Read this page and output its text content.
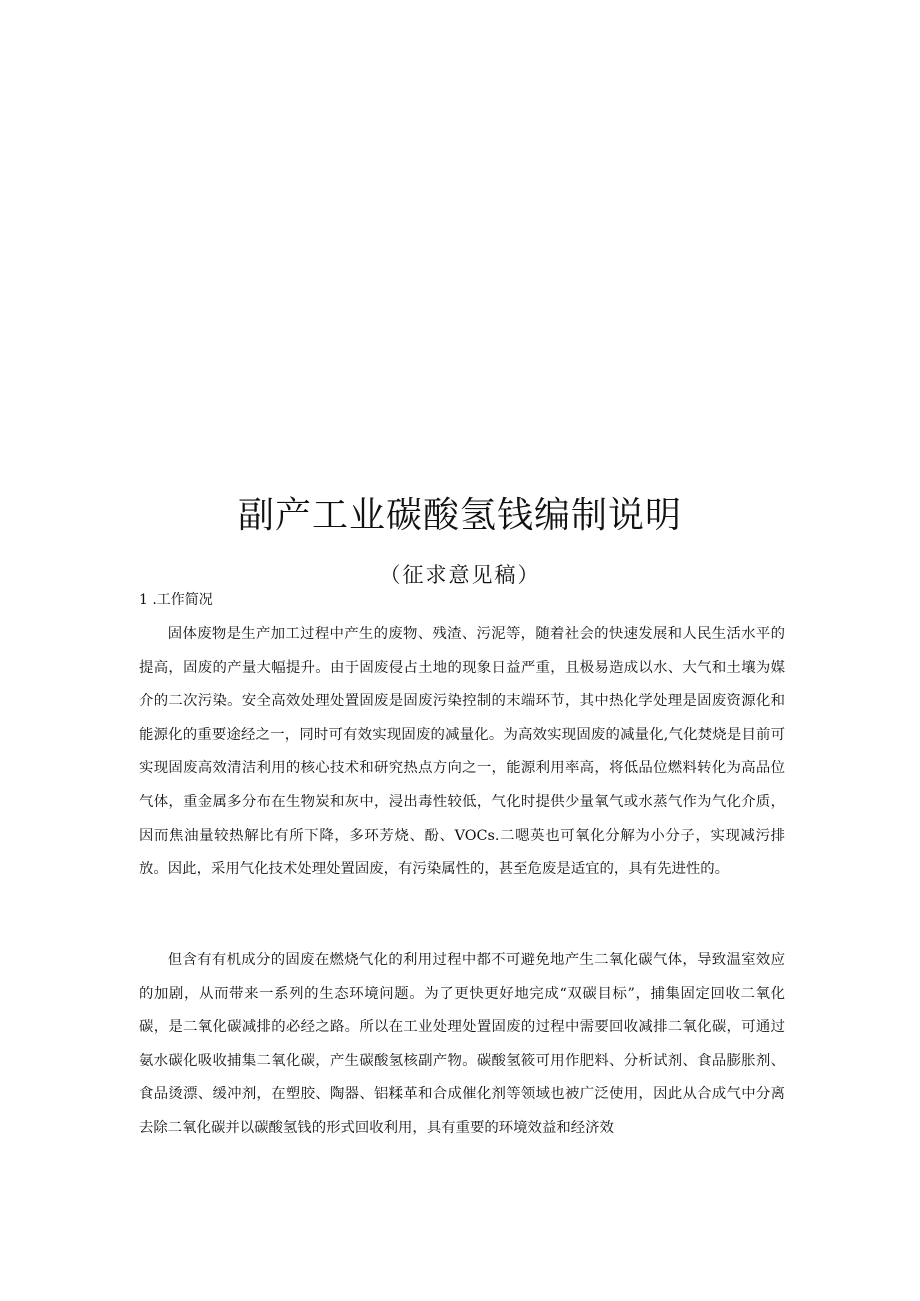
副产工业碳酸氢钱编制说明
（征求意见稿）
1 .工作简况

固体废物是生产加工过程中产生的废物、残渣、污泥等，随着社会的快速发展和人民生活水平的提高，固废的产量大幅提升。由于固废侵占土地的现象日益严重，且极易造成以水、大气和土壤为媒介的二次污染。安全高效处理处置固废是固废污染控制的末端环节，其中热化学处理是固废资源化和能源化的重要途经之一，同时可有效实现固废的减量化。为高效实现固废的减量化,气化焚烧是目前可实现固废高效清洁利用的核心技术和研究热点方向之一，能源利用率高，将低品位燃料转化为高品位气体，重金属多分布在生物炭和灰中，浸出毒性较低，气化时提供少量氧气或水蒸气作为气化介质，因而焦油量较热解比有所下降，多环芳烧、酚、VOCs.二嗯英也可氧化分解为小分子，实现减污排放。因此，采用气化技术处理处置固废，有污染属性的，甚至危废是适宜的，具有先进性的。

但含有有机成分的固废在燃烧气化的利用过程中都不可避免地产生二氧化碳气体，导致温室效应的加剧，从而带来一系列的生态环境问题。为了更快更好地完成“双碳目标”，捕集固定回收二氧化碳，是二氧化碳减排的必经之路。所以在工业处理处置固废的过程中需要回收减排二氧化碳，可通过氨水碳化吸收捕集二氧化碳，产生碳酸氢核副产物。碳酸氢筱可用作肥料、分析试剂、食品膨胀剂、食品烫漂、缓冲剂，在塑胶、陶器、铝糅革和合成催化剂等领域也被广泛使用，因此从合成气中分离去除二氧化碳并以碳酸氢钱的形式回收利用，具有重要的环境效益和经济效
